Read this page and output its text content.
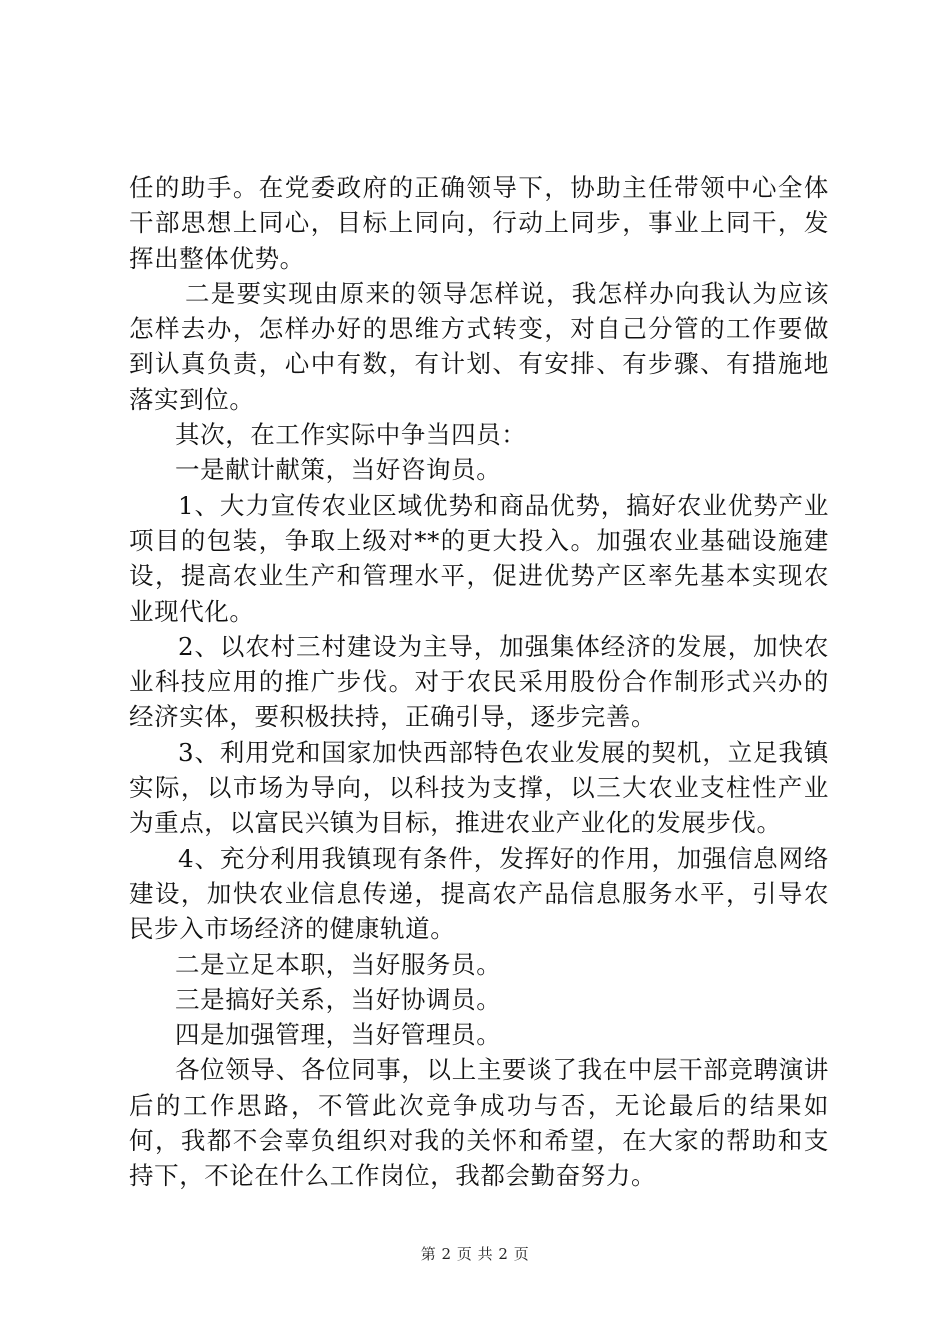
任的助手。在党委政府的正确领导下，协助主任带领中心全体干部思想上同心，目标上同向，行动上同步，事业上同干，发挥出整体优势。

二是要实现由原来的领导怎样说，我怎样办向我认为应该怎样去办，怎样办好的思维方式转变，对自己分管的工作要做到认真负责，心中有数，有计划、有安排、有步骤、有措施地落实到位。

其次，在工作实际中争当四员：

一是献计献策，当好咨询员。

1、大力宣传农业区域优势和商品优势，搞好农业优势产业项目的包装，争取上级对**的更大投入。加强农业基础设施建设，提高农业生产和管理水平，促进优势产区率先基本实现农业现代化。

2、以农村三村建设为主导，加强集体经济的发展，加快农业科技应用的推广步伐。对于农民采用股份合作制形式兴办的经济实体，要积极扶持，正确引导，逐步完善。

3、利用党和国家加快西部特色农业发展的契机，立足我镇实际，以市场为导向，以科技为支撑，以三大农业支柱性产业为重点，以富民兴镇为目标，推进农业产业化的发展步伐。

4、充分利用我镇现有条件，发挥好的作用，加强信息网络建设，加快农业信息传递，提高农产品信息服务水平，引导农民步入市场经济的健康轨道。

二是立足本职，当好服务员。

三是搞好关系，当好协调员。

四是加强管理，当好管理员。

各位领导、各位同事，以上主要谈了我在中层干部竞聘演讲后的工作思路，不管此次竞争成功与否，无论最后的结果如何，我都不会辜负组织对我的关怀和希望，在大家的帮助和支持下，不论在什么工作岗位，我都会勤奋努力。

第 2 页 共 2 页
